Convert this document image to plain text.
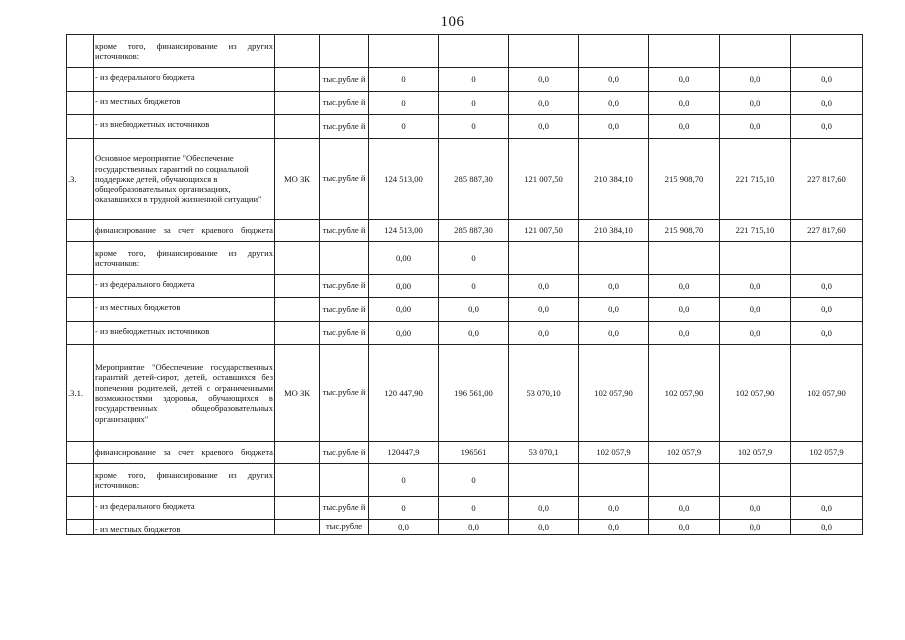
106
	кроме того, финансирование из других источников:									
	- из федерального бюджета		тыс.рубле й	0	0	0,0	0,0	0,0	0,0	0,0
	- из местных бюджетов		тыс.рубле й	0	0	0,0	0,0	0,0	0,0	0,0
	- из внебюджетных источников		тыс.рубле й	0	0	0,0	0,0	0,0	0,0	0,0
.3.	Основное мероприятие "Обеспечение государственных гарантий по социальной поддержке детей, обучающихся в общеобразовательных организациях, оказавшихся в трудной жизненной ситуации"	МО ЗК	тыс.рубле й	124 513,00	285 887,30	121 007,50	210 384,10	215 908,70	221 715,10	227 817,60
	финансирование за счет краевого бюджета		тыс.рубле й	124 513,00	285 887,30	121 007,50	210 384,10	215 908,70	221 715,10	227 817,60
	кроме того, финансирование из других источников:			0,00	0					
	- из федерального бюджета		тыс.рубле й	0,00	0	0,0	0,0	0,0	0,0	0,0
	- из местных бюджетов		тыс.рубле й	0,00	0,0	0,0	0,0	0,0	0,0	0,0
	- из внебюджетных источников		тыс.рубле й	0,00	0,0	0,0	0,0	0,0	0,0	0,0
.3.1.	Мероприятие "Обеспечение государственных гарантий детей-сирот, детей, оставшихся без попечения родителей, детей с ограниченными возможностями здоровья, обучающихся в государственных общеобразовательных организациях"	МО ЗК	тыс.рубле й	120 447,90	196 561,00	53 070,10	102 057,90	102 057,90	102 057,90	102 057,90
	финансирование за счет краевого бюджета		тыс.рубле й	120447,9	196561	53 070,1	102 057,9	102 057,9	102 057,9	102 057,9
	кроме того, финансирование из других источников:			0	0					
	- из федерального бюджета		тыс.рубле й	0	0	0,0	0,0	0,0	0,0	0,0
	- из местных бюджетов		тыс.рубле	0,0	0,0	0,0	0,0	0,0	0,0	0,0
